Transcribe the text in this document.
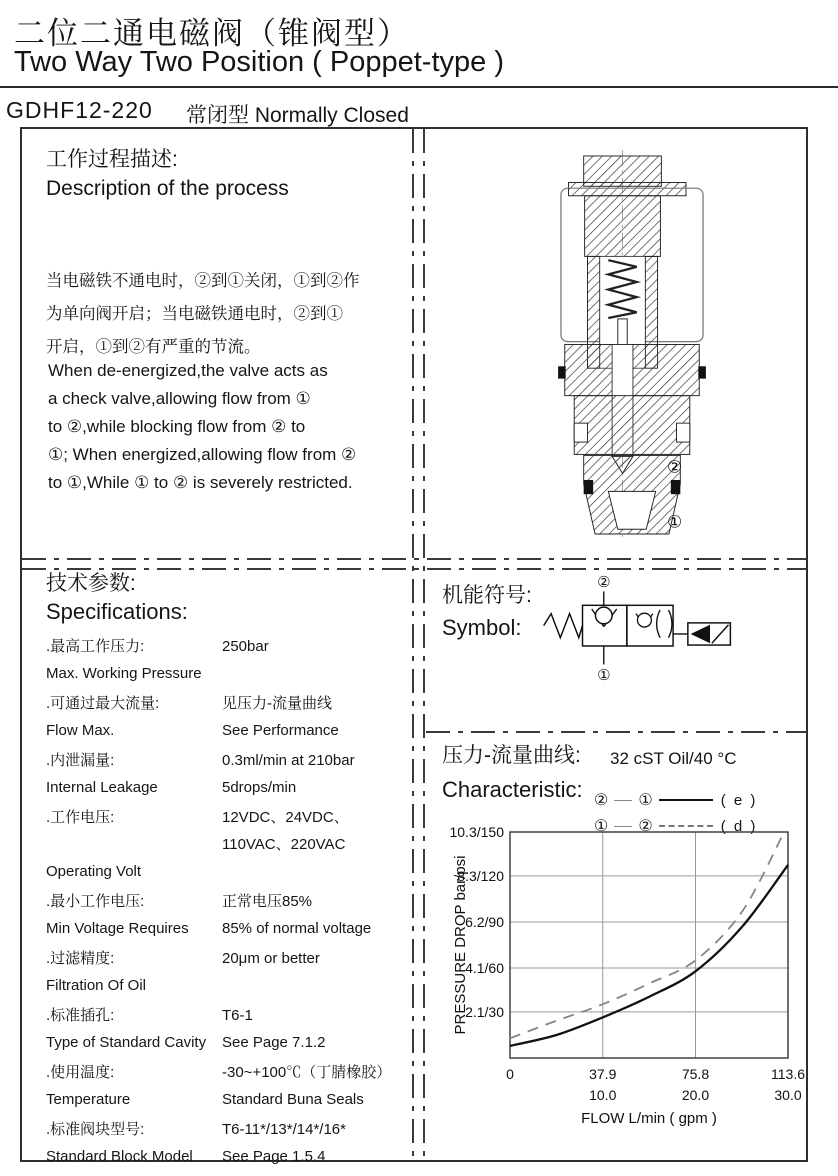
二位二通电磁阀（锥阀型）
Two Way Two Position ( Poppet-type )
GDHF12-220 常闭型 Normally Closed
工作过程描述:
Description of the process
当电磁铁不通电时，②到①关闭，①到②作
为单向阀开启；当电磁铁通电时，②到①
开启，①到②有严重的节流。
When de-energized,the valve acts as
a check valve,allowing flow from ①
to ②,while blocking flow from ② to
①; When energized,allowing flow from ②
to ①,While ① to ② is severely restricted.
②
①
技术参数:
Specifications:
.最高工作压力:	250bar
Max. Working Pressure
.可通过最大流量:	见压力-流量曲线
Flow Max.	See Performance
.内泄漏量:	0.3ml/min at 210bar
Internal Leakage	5drops/min
.工作电压:	12VDC、24VDC、110VAC、220VAC
Operating Volt
.最小工作电压:	正常电压85%
Min Voltage Requires	85% of normal voltage
.过滤精度:	20μm or better
Filtration Of Oil
.标准插孔:	T6-1
Type of Standard Cavity	See Page 7.1.2
.使用温度:	-30~+100℃（丁腈橡胶）
Temperature	Standard Buna Seals
.标准阀块型号:	T6-11*/13*/14*/16*
Standard Block Model	See Page 1.5.4
机能符号:
Symbol:
②
①
压力-流量曲线:
Characteristic:
32 cST Oil/40 °C
② ①	( e )
① ②	( d )
2.1/30
4.1/60
6.2/90
8.3/120
10.3/150
0	37.9
10.0
75.8
20.0
113.6
30.0
FLOW L/min ( gpm )
PRESSURE DROP bar/psi
